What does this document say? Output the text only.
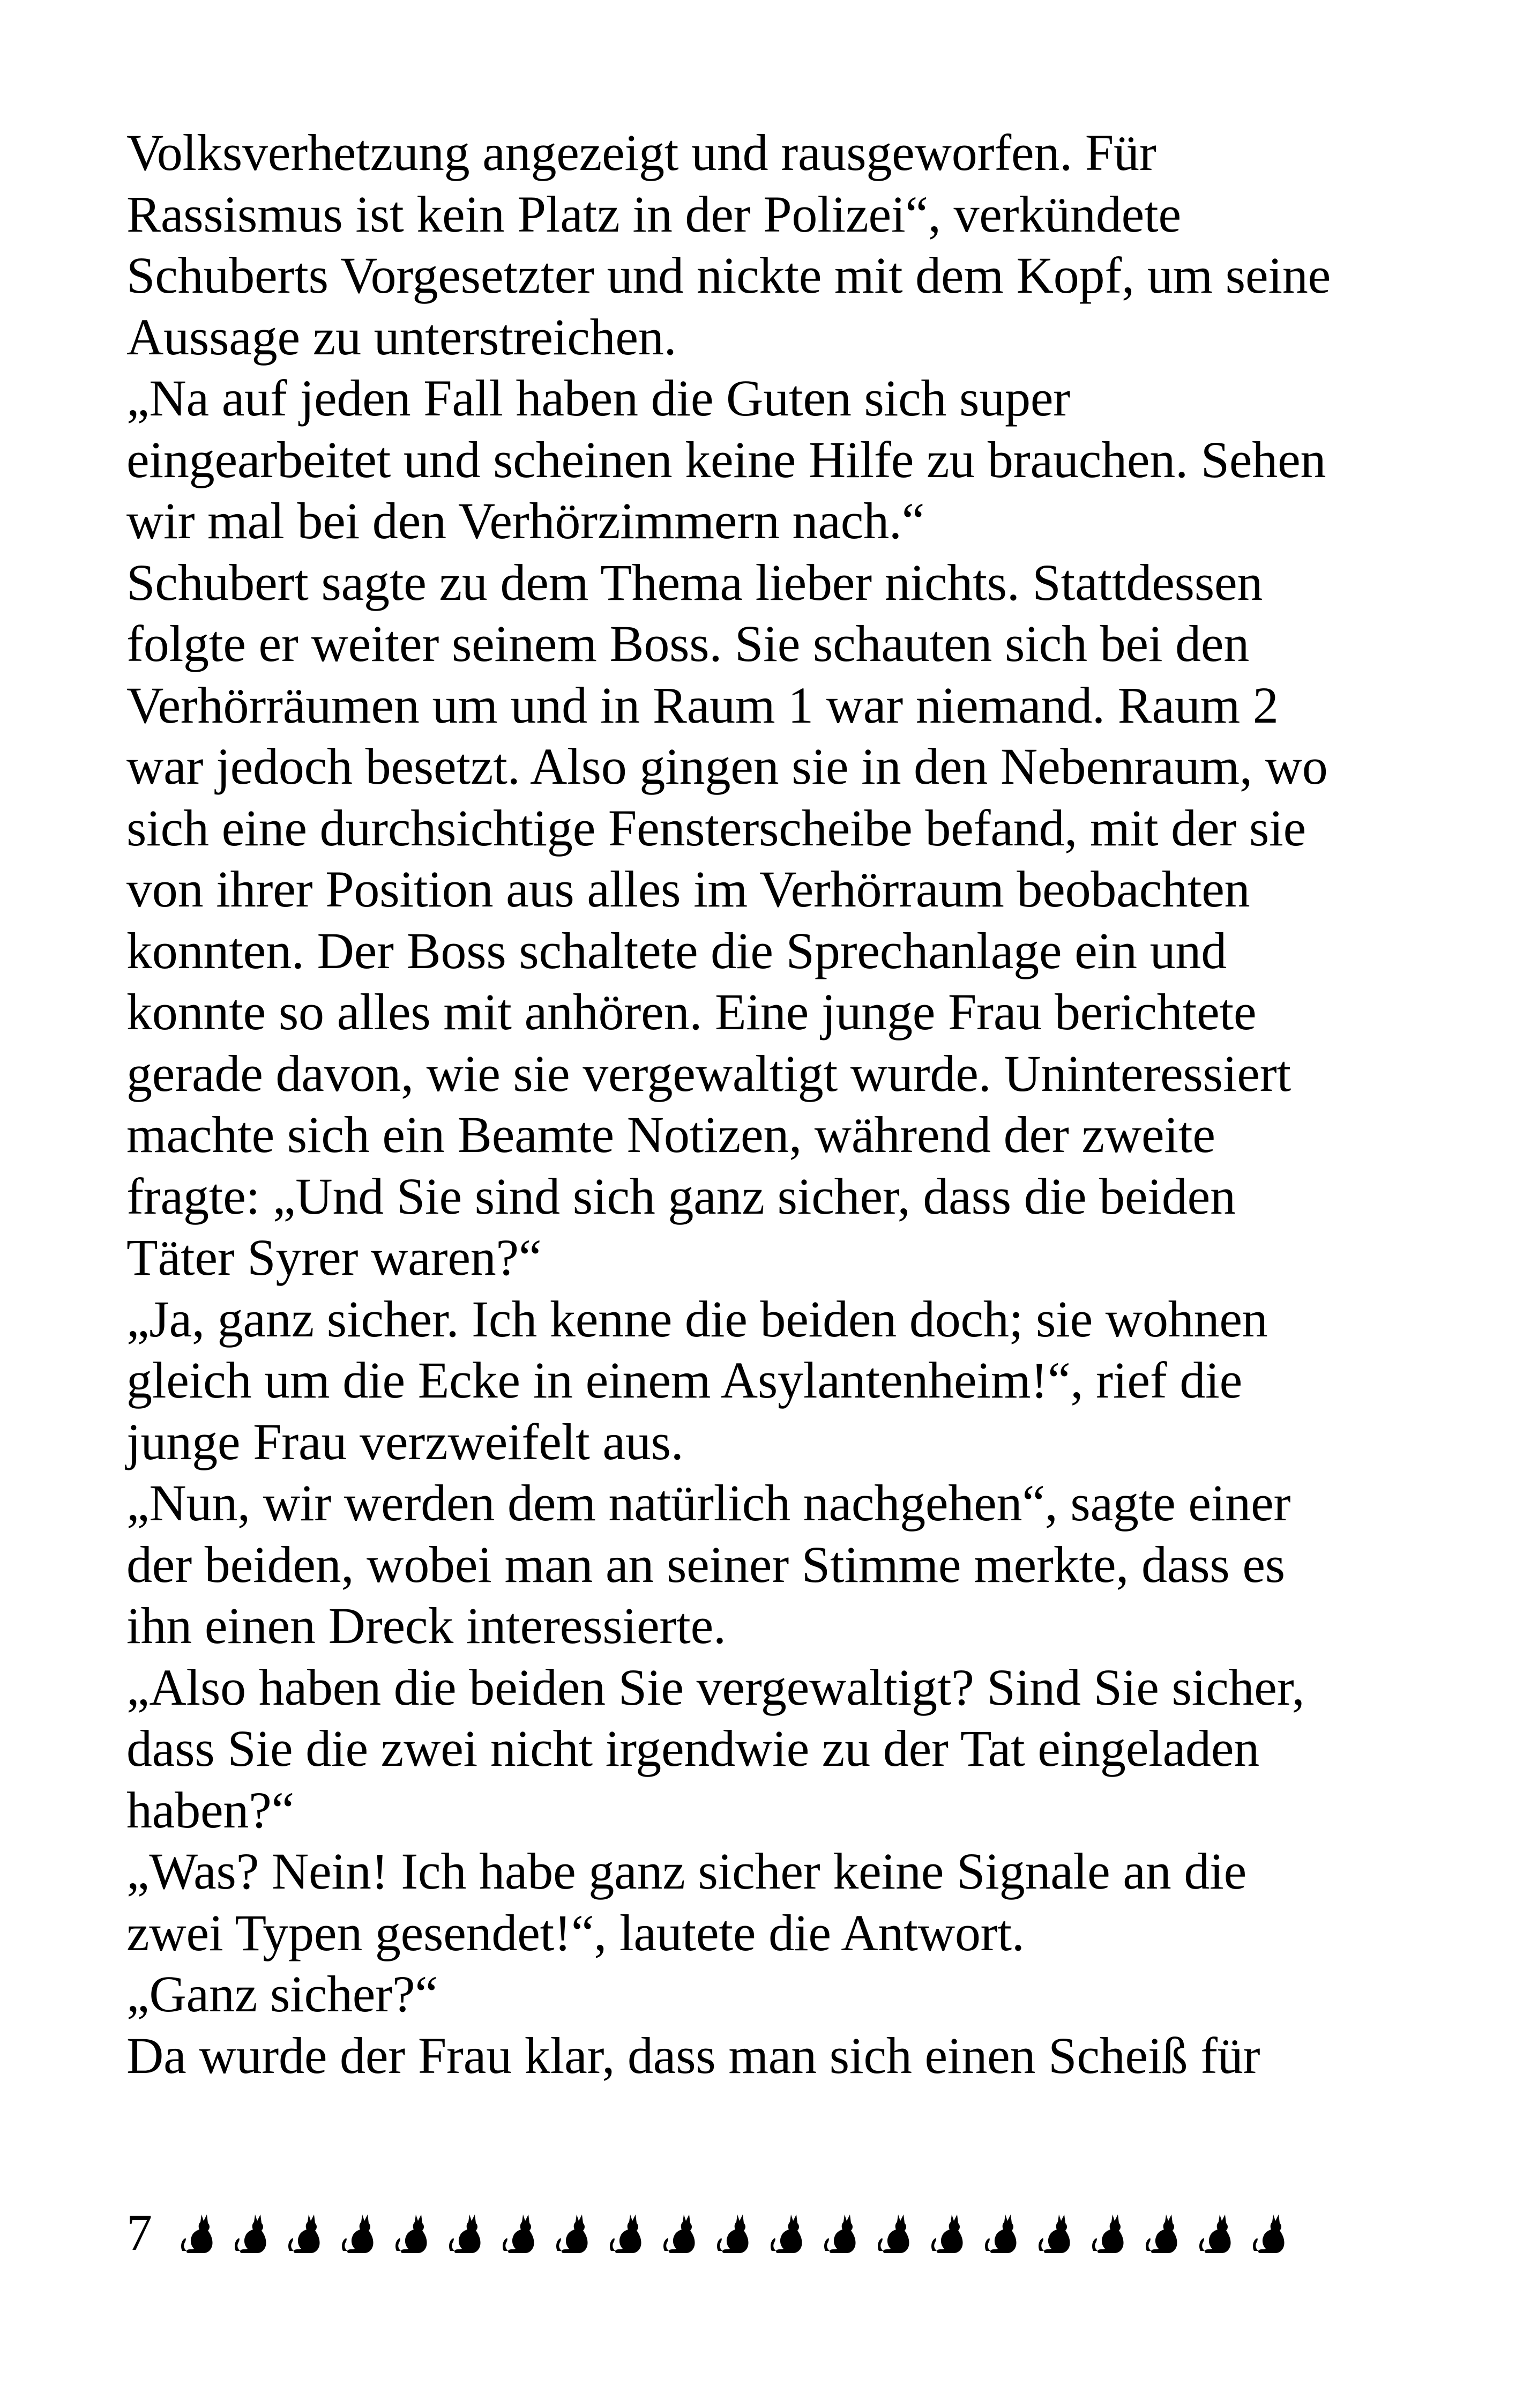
Volksverhetzung angezeigt und rausgeworfen. Für
Rassismus ist kein Platz in der Polizei“, verkündete
Schuberts Vorgesetzter und nickte mit dem Kopf, um seine
Aussage zu unterstreichen.
„Na auf jeden Fall haben die Guten sich super
eingearbeitet und scheinen keine Hilfe zu brauchen. Sehen
wir mal bei den Verhörzimmern nach.“
Schubert sagte zu dem Thema lieber nichts. Stattdessen
folgte er weiter seinem Boss. Sie schauten sich bei den
Verhörräumen um und in Raum 1 war niemand. Raum 2
war jedoch besetzt. Also gingen sie in den Nebenraum, wo
sich eine durchsichtige Fensterscheibe befand, mit der sie
von ihrer Position aus alles im Verhörraum beobachten
konnten. Der Boss schaltete die Sprechanlage ein und
konnte so alles mit anhören. Eine junge Frau berichtete
gerade davon, wie sie vergewaltigt wurde. Uninteressiert
machte sich ein Beamte Notizen, während der zweite
fragte: „Und Sie sind sich ganz sicher, dass die beiden
Täter Syrer waren?“
„Ja, ganz sicher. Ich kenne die beiden doch; sie wohnen
gleich um die Ecke in einem Asylantenheim!“, rief die
junge Frau verzweifelt aus.
„Nun, wir werden dem natürlich nachgehen“, sagte einer
der beiden, wobei man an seiner Stimme merkte, dass es
ihn einen Dreck interessierte.
„Also haben die beiden Sie vergewaltigt? Sind Sie sicher,
dass Sie die zwei nicht irgendwie zu der Tat eingeladen
haben?“
„Was? Nein! Ich habe ganz sicher keine Signale an die
zwei Typen gesendet!“, lautete die Antwort.
„Ganz sicher?“
Da wurde der Frau klar, dass man sich einen Scheiß für
7
